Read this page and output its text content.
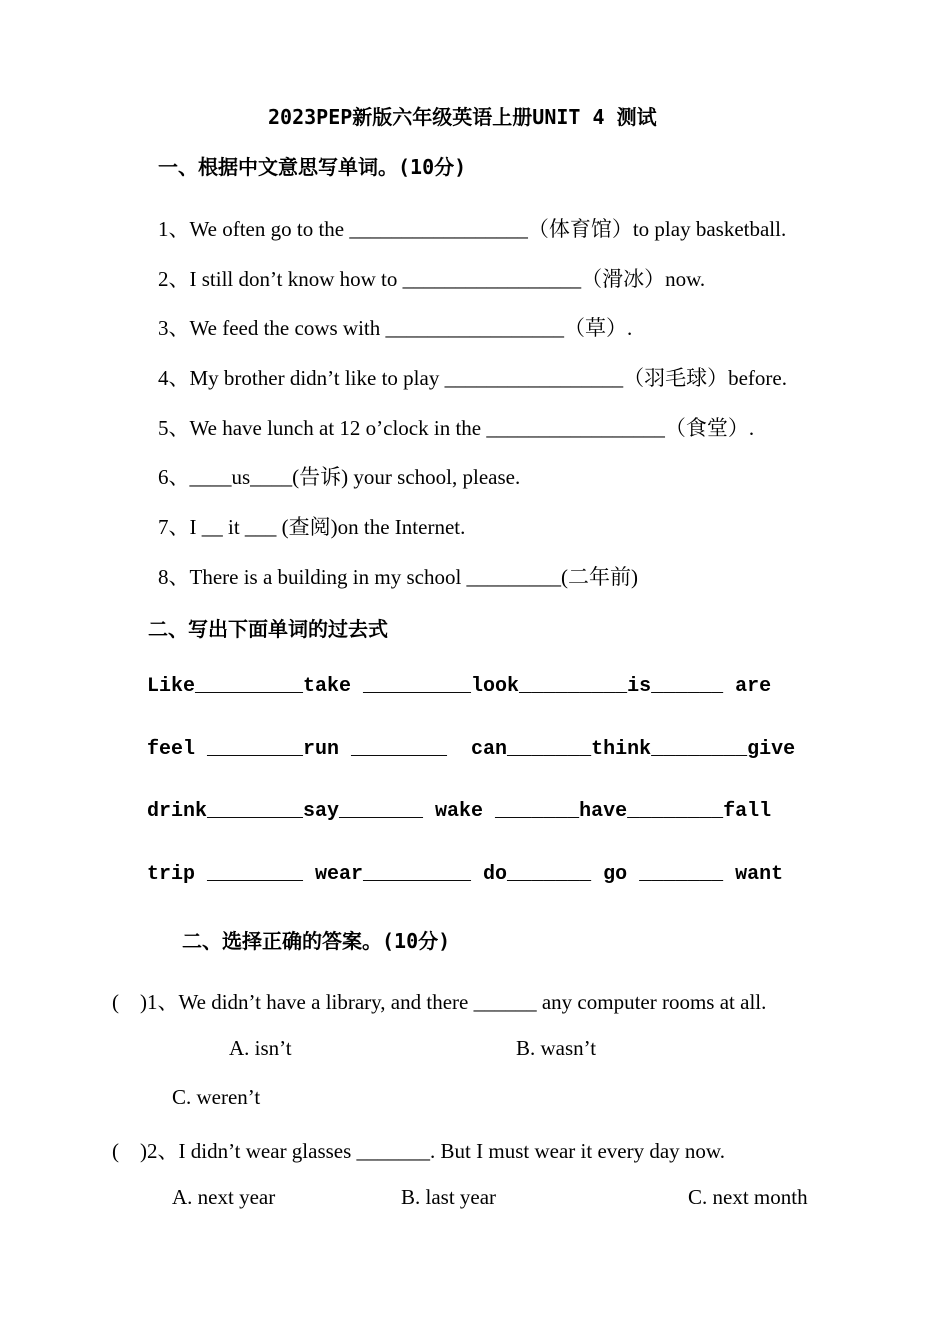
2023PEP新版六年级英语上册UNIT 4 测试
一、根据中文意思写单词。(10分)
1、We often go to the _________________（体育馆）to play basketball.
2、I still don’t know how to _________________（滑冰）now.
3、We feed the cows with _________________（草）.
4、My brother didn’t like to play _________________（羽毛球）before.
5、We have lunch at 12 o’clock in the _________________（食堂）.
6、____us____(告诉) your school, please.
7、I __ it ___ (查阅)on the Internet.
8、There is a building in my school _________(二年前)
二、写出下面单词的过去式
Like_________take _________look_________is______ are
feel ________run ________  can_______think________give
drink________say_______ wake _______have________fall
trip ________ wear_________ do_______ go _______ want
二、选择正确的答案。(10分)
(    )1、We didn’t have a library, and there ______ any computer rooms at all.
A. isn’t	B. wasn’t
C. weren’t
(    )2、I didn’t wear glasses _______. But I must wear it every day now.
A. next year	B. last year	C. next month
